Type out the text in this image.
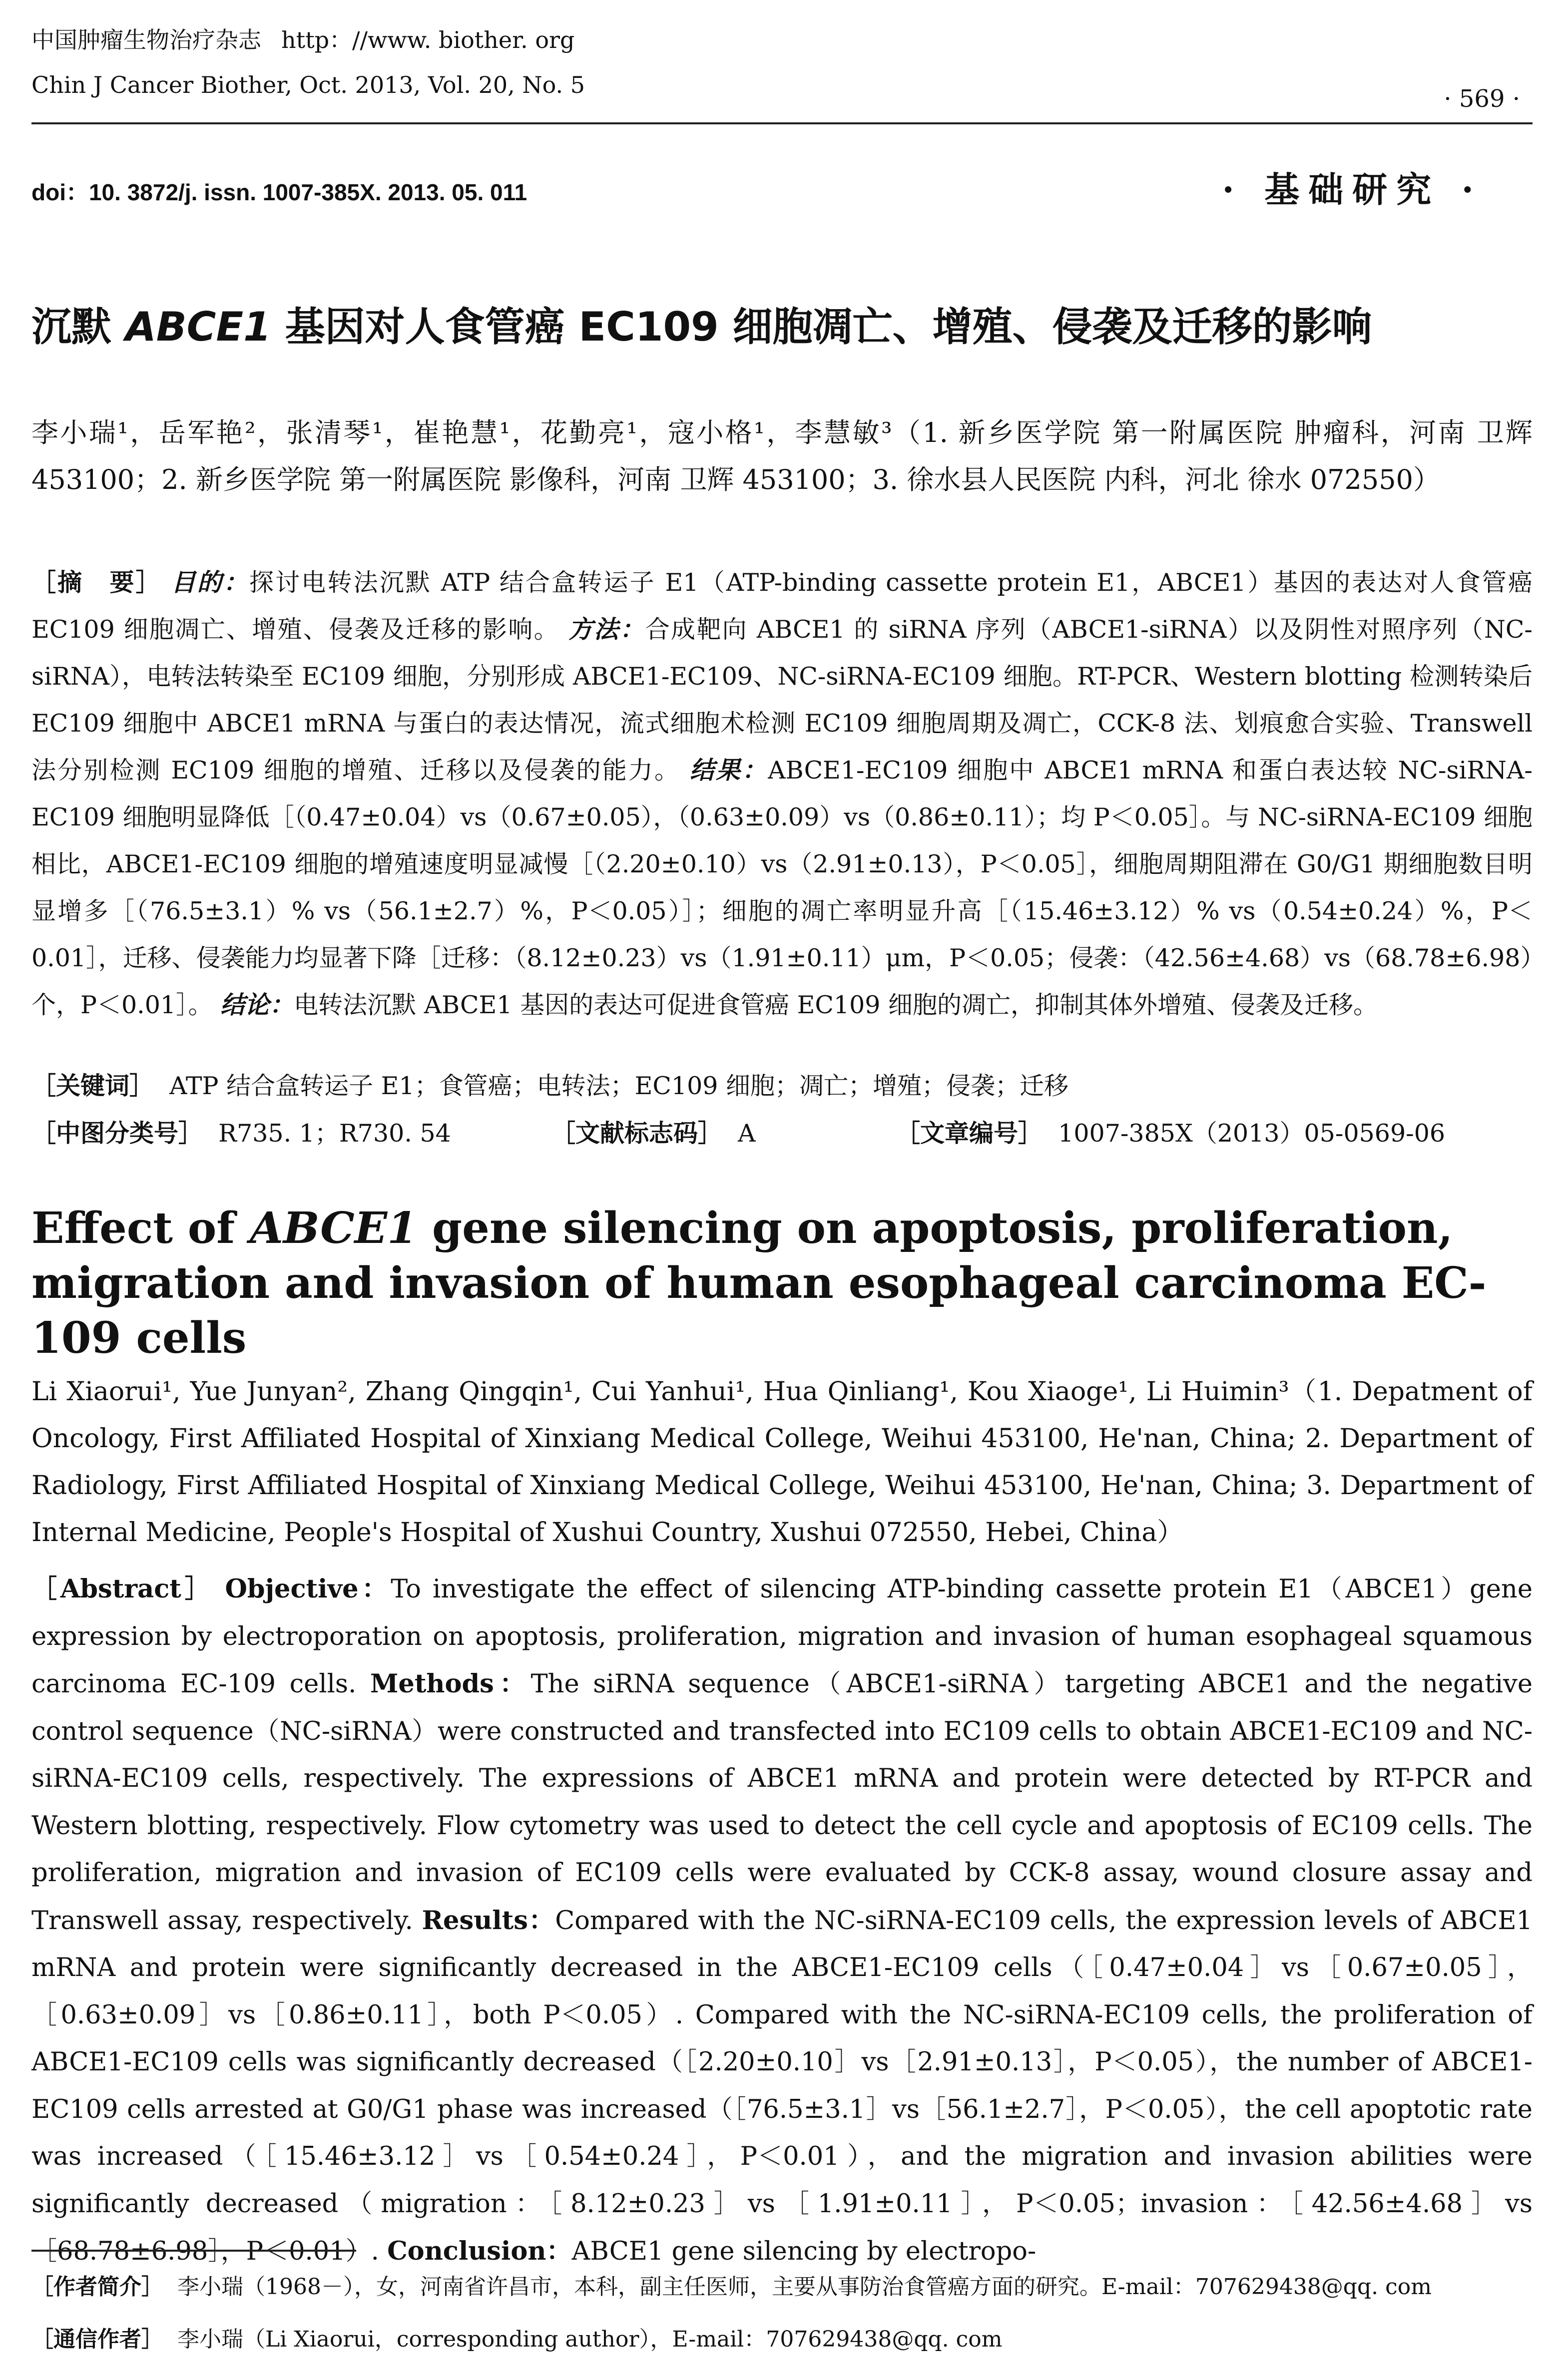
中国肿瘤生物治疗杂志 http：//www. biother. org
Chin J Cancer Biother, Oct. 2013, Vol. 20, No. 5	· 569 ·
doi：10. 3872/j. issn. 1007-385X. 2013. 05. 011	· 基础研究 ·
沉默 ABCE1 基因对人食管癌 EC109 细胞凋亡、增殖、侵袭及迁移的影响
李小瑞¹，岳军艳²，张清琴¹，崔艳慧¹，花勤亮¹，寇小格¹，李慧敏³（1. 新乡医学院 第一附属医院 肿瘤科，河南 卫辉 453100；2. 新乡医学院 第一附属医院 影像科，河南 卫辉 453100；3. 徐水县人民医院 内科，河北 徐水 072550）
［摘　要］ 目的：探讨电转法沉默 ATP 结合盒转运子 E1（ATP-binding cassette protein E1，ABCE1）基因的表达对人食管癌 EC109 细胞凋亡、增殖、侵袭及迁移的影响。 方法：合成靶向 ABCE1 的 siRNA 序列（ABCE1-siRNA）以及阴性对照序列（NC-siRNA），电转法转染至 EC109 细胞，分别形成 ABCE1-EC109、NC-siRNA-EC109 细胞。RT-PCR、Western blotting 检测转染后 EC109 细胞中 ABCE1 mRNA 与蛋白的表达情况，流式细胞术检测 EC109 细胞周期及凋亡，CCK-8 法、划痕愈合实验、Transwell 法分别检测 EC109 细胞的增殖、迁移以及侵袭的能力。 结果：ABCE1-EC109 细胞中 ABCE1 mRNA 和蛋白表达较 NC-siRNA-EC109 细胞明显降低［（0.47±0.04）vs（0.67±0.05），（0.63±0.09）vs（0.86±0.11）；均 P＜0.05］。与 NC-siRNA-EC109 细胞相比，ABCE1-EC109 细胞的增殖速度明显减慢［（2.20±0.10）vs（2.91±0.13），P＜0.05］，细胞周期阻滞在 G0/G1 期细胞数目明显增多［（76.5±3.1）% vs（56.1±2.7）%，P＜0.05）］；细胞的凋亡率明显升高［（15.46±3.12）% vs（0.54±0.24）%，P＜0.01］，迁移、侵袭能力均显著下降［迁移：（8.12±0.23）vs（1.91±0.11）μm，P＜0.05；侵袭：（42.56±4.68）vs（68.78±6.98）个，P＜0.01］。 结论：电转法沉默 ABCE1 基因的表达可促进食管癌 EC109 细胞的凋亡，抑制其体外增殖、侵袭及迁移。
［关键词］ ATP 结合盒转运子 E1；食管癌；电转法；EC109 细胞；凋亡；增殖；侵袭；迁移
［中图分类号］ R735. 1；R730. 54	［文献标志码］ A	［文章编号］ 1007-385X（2013）05-0569-06
Effect of ABCE1 gene silencing on apoptosis, proliferation, migration and invasion of human esophageal carcinoma EC-109 cells
Li Xiaorui¹, Yue Junyan², Zhang Qingqin¹, Cui Yanhui¹, Hua Qinliang¹, Kou Xiaoge¹, Li Huimin³（1. Depatment of Oncology, First Affiliated Hospital of Xinxiang Medical College, Weihui 453100, He'nan, China; 2. Department of Radiology, First Affiliated Hospital of Xinxiang Medical College, Weihui 453100, He'nan, China; 3. Department of Internal Medicine, People's Hospital of Xushui Country, Xushui 072550, Hebei, China）
［Abstract］ Objective：To investigate the effect of silencing ATP-binding cassette protein E1（ABCE1）gene expression by electroporation on apoptosis, proliferation, migration and invasion of human esophageal squamous carcinoma EC-109 cells. Methods：The siRNA sequence（ABCE1-siRNA）targeting ABCE1 and the negative control sequence（NC-siRNA）were constructed and transfected into EC109 cells to obtain ABCE1-EC109 and NC-siRNA-EC109 cells, respectively. The expressions of ABCE1 mRNA and protein were detected by RT-PCR and Western blotting, respectively. Flow cytometry was used to detect the cell cycle and apoptosis of EC109 cells. The proliferation, migration and invasion of EC109 cells were evaluated by CCK-8 assay, wound closure assay and Transwell assay, respectively. Results：Compared with the NC-siRNA-EC109 cells, the expression levels of ABCE1 mRNA and protein were significantly decreased in the ABCE1-EC109 cells（［0.47±0.04］vs［0.67±0.05］，［0.63±0.09］vs［0.86±0.11］，both P＜0.05）. Compared with the NC-siRNA-EC109 cells, the proliferation of ABCE1-EC109 cells was significantly decreased（［2.20±0.10］vs［2.91±0.13］，P＜0.05），the number of ABCE1-EC109 cells arrested at G0/G1 phase was increased（［76.5±3.1］vs［56.1±2.7］，P＜0.05），the cell apoptotic rate was increased（［15.46±3.12］vs［0.54±0.24］，P＜0.01），and the migration and invasion abilities were significantly decreased（migration：［8.12±0.23］vs［1.91±0.11］，P＜0.05；invasion：［42.56±4.68］vs［68.78±6.98］，P＜0.01）. Conclusion：ABCE1 gene silencing by electropo-
［作者简介］ 李小瑞（1968－），女，河南省许昌市，本科，副主任医师，主要从事防治食管癌方面的研究。E-mail：707629438@qq. com
［通信作者］ 李小瑞（Li Xiaorui，corresponding author），E-mail：707629438@qq. com
